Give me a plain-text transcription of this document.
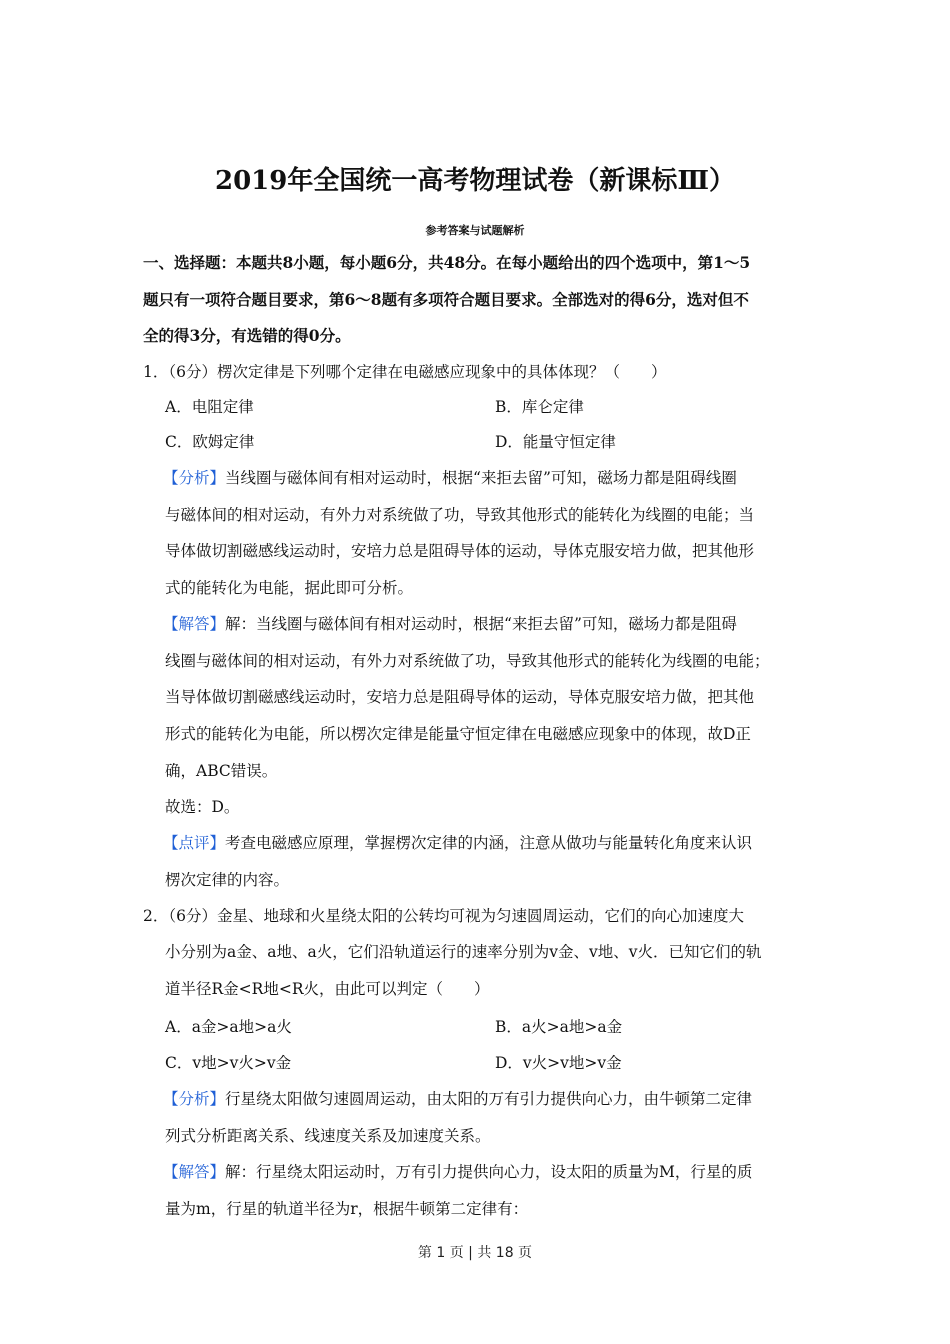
2019年全国统一高考物理试卷（新课标Ⅲ）
参考答案与试题解析
一、选择题：本题共8小题，每小题6分，共48分。在每小题给出的四个选项中，第1～5
题只有一项符合题目要求，第6～8题有多项符合题目要求。全部选对的得6分，选对但不
全的得3分，有选错的得0分。
1．（6分）楞次定律是下列哪个定律在电磁感应现象中的具体体现？（　　）
A．电阻定律	B．库仑定律
C．欧姆定律	D．能量守恒定律
【分析】当线圈与磁体间有相对运动时，根据“来拒去留”可知，磁场力都是阻碍线圈
与磁体间的相对运动，有外力对系统做了功，导致其他形式的能转化为线圈的电能；当
导体做切割磁感线运动时，安培力总是阻碍导体的运动，导体克服安培力做，把其他形
式的能转化为电能，据此即可分析。
【解答】解：当线圈与磁体间有相对运动时，根据“来拒去留”可知，磁场力都是阻碍
线圈与磁体间的相对运动，有外力对系统做了功，导致其他形式的能转化为线圈的电能；
当导体做切割磁感线运动时，安培力总是阻碍导体的运动，导体克服安培力做，把其他
形式的能转化为电能，所以楞次定律是能量守恒定律在电磁感应现象中的体现，故D正
确，ABC错误。
故选：D。
【点评】考查电磁感应原理，掌握楞次定律的内涵，注意从做功与能量转化角度来认识
楞次定律的内容。
2．（6分）金星、地球和火星绕太阳的公转均可视为匀速圆周运动，它们的向心加速度大
小分别为a金、a地、a火，它们沿轨道运行的速率分别为v金、v地、v火．已知它们的轨
道半径R金<R地<R火，由此可以判定（　　）
A．a金>a地>a火	B．a火>a地>a金
C．v地>v火>v金	D．v火>v地>v金
【分析】行星绕太阳做匀速圆周运动，由太阳的万有引力提供向心力，由牛顿第二定律
列式分析距离关系、线速度关系及加速度关系。
【解答】解：行星绕太阳运动时，万有引力提供向心力，设太阳的质量为M，行星的质
量为m，行星的轨道半径为r，根据牛顿第二定律有：
第 1 页 | 共 18 页
